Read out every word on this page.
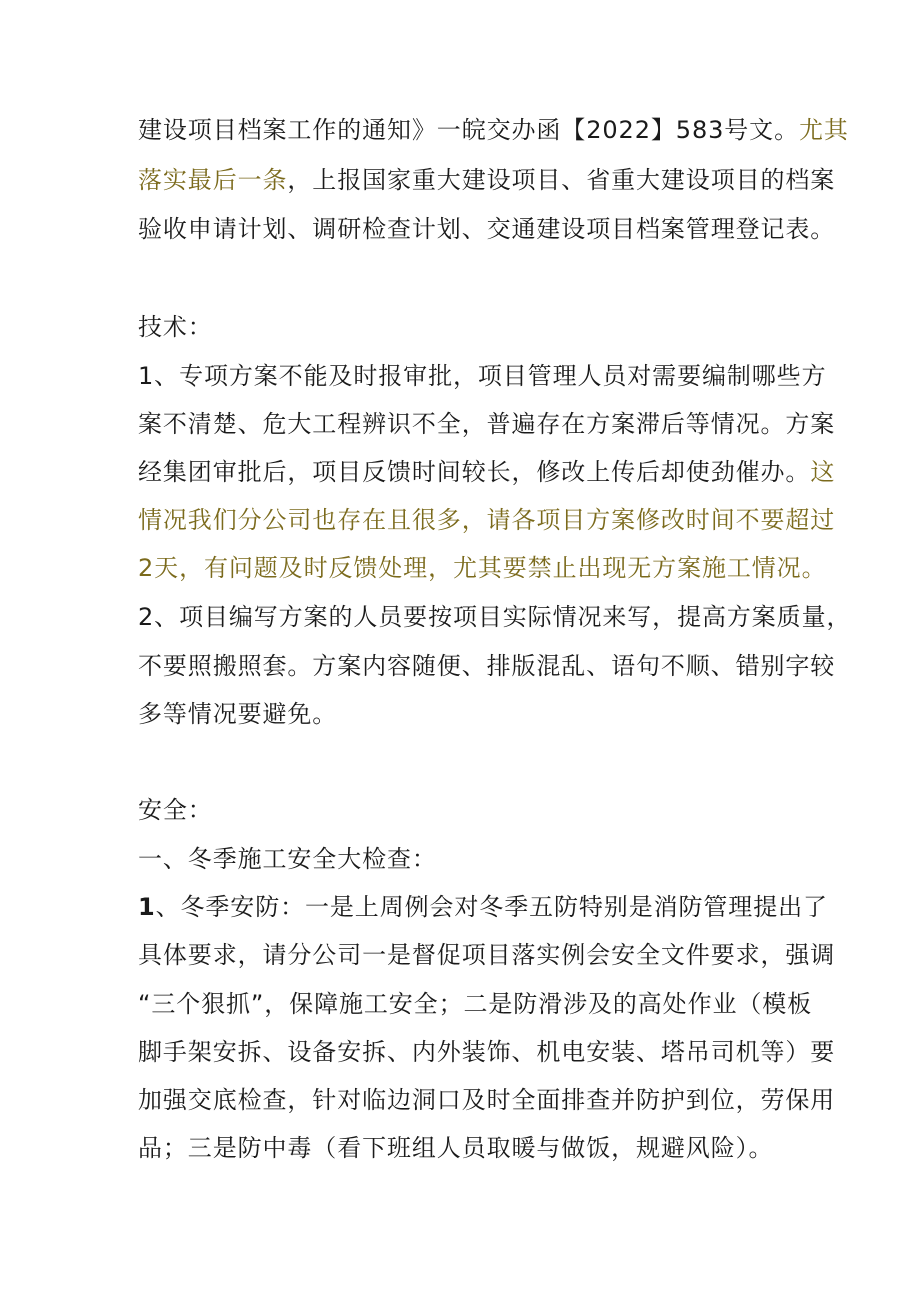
建设项目档案工作的通知》一皖交办函【2022】583号文。尤其
落实最后一条，上报国家重大建设项目、省重大建设项目的档案
验收申请计划、调研检查计划、交通建设项目档案管理登记表。
技术：
1、专项方案不能及时报审批，项目管理人员对需要编制哪些方
案不清楚、危大工程辨识不全，普遍存在方案滞后等情况。方案
经集团审批后，项目反馈时间较长，修改上传后却使劲催办。这
情况我们分公司也存在且很多，请各项目方案修改时间不要超过
2天，有问题及时反馈处理，尤其要禁止出现无方案施工情况。
2、项目编写方案的人员要按项目实际情况来写，提高方案质量，
不要照搬照套。方案内容随便、排版混乱、语句不顺、错别字较
多等情况要避免。
安全：
一、冬季施工安全大检查：
1、冬季安防：一是上周例会对冬季五防特别是消防管理提出了
具体要求，请分公司一是督促项目落实例会安全文件要求，强调
“三个狠抓”，保障施工安全；二是防滑涉及的高处作业（模板
脚手架安拆、设备安拆、内外装饰、机电安装、塔吊司机等）要
加强交底检查，针对临边洞口及时全面排查并防护到位，劳保用
品；三是防中毒（看下班组人员取暖与做饭，规避风险）。
